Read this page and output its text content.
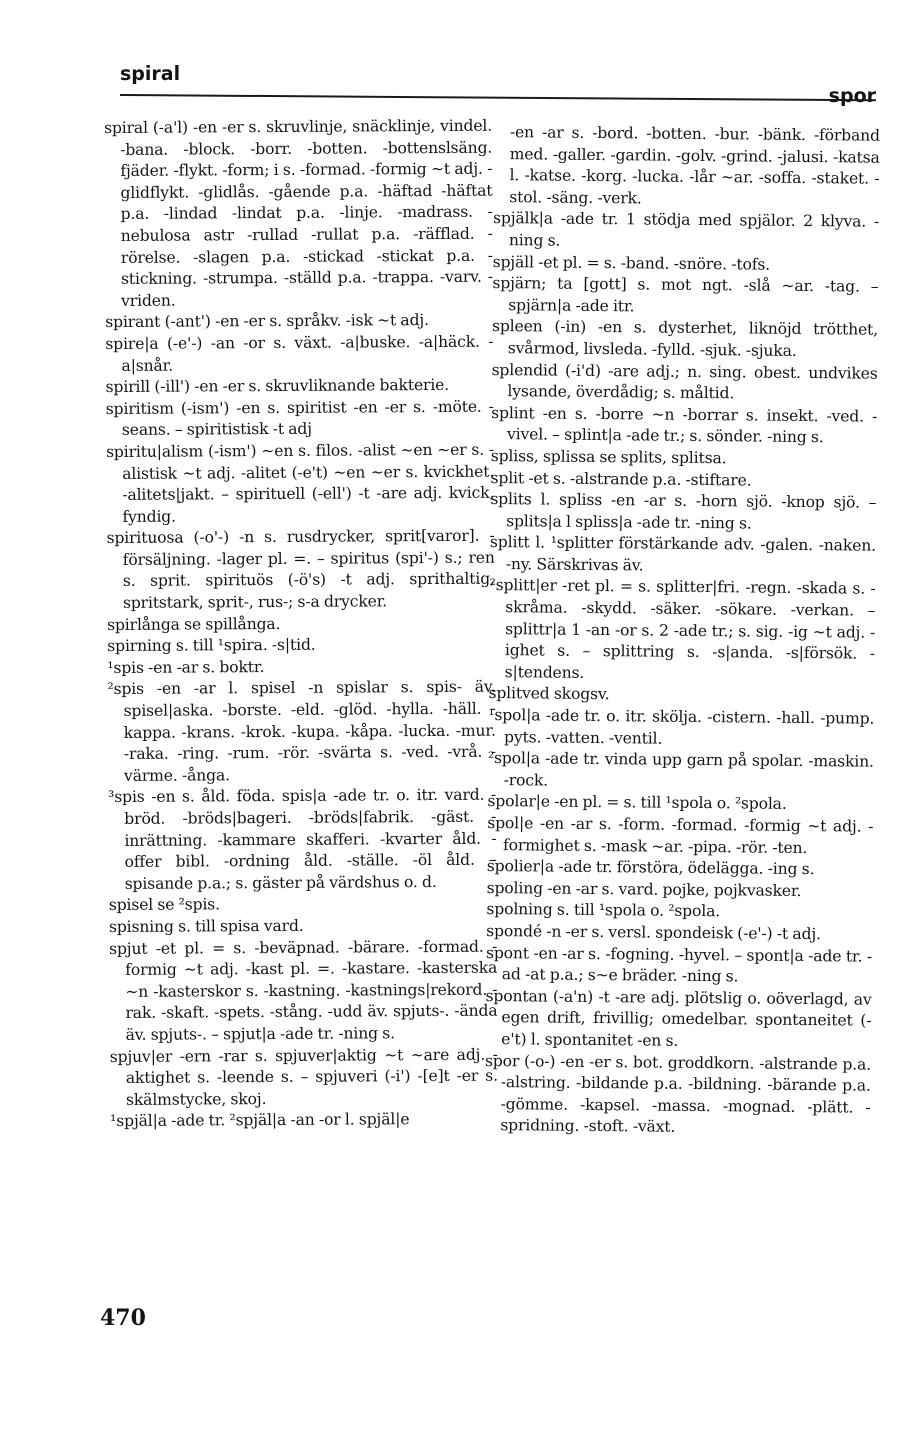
spiral
spor

spiral (-a'l) -en -er s. skruvlinje, snäcklinje, vindel. -bana. -block. -borr. -botten. -bottenslsäng. fjäder. -flykt. -form; i s. -formad. -formig ~t adj. -glidflykt. -glidlås. -gående p.a. -häftad -häftat p.a. -lindad -lindat p.a. -linje. -madrass. -nebulosa astr -rullad -rullat p.a. -räfflad. -rörelse. -slagen p.a. -stickad -stickat p.a. -stickning. -strumpa. -ställd p.a. -trappa. -varv. -vriden.

spirant (-ant') -en -er s. språkv. -isk ~t adj.

spire|a (-e'-) -an -or s. växt. -a|buske. -a|häck. -a|snår.

spirill (-ill') -en -er s. skruvliknande bakterie.

spiritism (-ism') -en s. spiritist -en -er s. -möte. -seans. – spiritistisk -t adj

spiritu|alism (-ism') ~en s. filos. -alist ~en ~er s. -alistisk ~t adj. -alitet (-e't) ~en ~er s. kvickhet. -alitets|jakt. – spirituell (-ell') -t -are adj. kvick, fyndig.

spirituosa (-o'-) -n s. rusdrycker, sprit[varor]. -försäljning. -lager pl. =. – spiritus (spi'-) s.; ren s. sprit. spirituös (-ö's) -t adj. sprithaltig, spritstark, sprit-, rus-; s-a drycker.

spirlånga se spillånga.

spirning s. till ¹spira. -s|tid.

¹spis -en -ar s. boktr.

²spis -en -ar l. spisel -n spislar s. spis- äv. spisel|aska. -borste. -eld. -glöd. -hylla. -häll. -kappa. -krans. -krok. -kupa. -kåpa. -lucka. -mur. -raka. -ring. -rum. -rör. -svärta s. -ved. -vrå. -värme. -ånga.

³spis -en s. åld. föda. spis|a -ade tr. o. itr. vard. -bröd. -bröds|bageri. -bröds|fabrik. -gäst. -inrättning. -kammare skafferi. -kvarter åld. -offer bibl. -ordning åld. -ställe. -öl åld. – spisande p.a.; s. gäster på värdshus o. d.

spisel se ²spis.

spisning s. till spisa vard.

spjut -et pl. = s. -beväpnad. -bärare. -formad. -formig ~t adj. -kast pl. =. -kastare. -kasterska ~n -kasterskor s. -kastning. -kastnings|rekord. -rak. -skaft. -spets. -stång. -udd äv. spjuts-. -ända äv. spjuts-. – spjut|a -ade tr. -ning s.

spjuv|er -ern -rar s. spjuver|aktig ~t ~are adj. -aktighet s. -leende s. – spjuveri (-i') -[e]t -er s. skälmstycke, skoj.

¹spjäl|a -ade tr. ²spjäl|a -an -or l. spjäl|e

-en -ar s. -bord. -botten. -bur. -bänk. -förband med. -galler. -gardin. -golv. -grind. -jalusi. -katsa l. -katse. -korg. -lucka. -lår ~ar. -soffa. -staket. -stol. -säng. -verk.

spjälk|a -ade tr. 1 stödja med spjälor. 2 klyva. -ning s.

spjäll -et pl. = s. -band. -snöre. -tofs.

spjärn; ta [gott] s. mot ngt. -slå ~ar. -tag. – spjärn|a -ade itr.

spleen (-in) -en s. dysterhet, liknöjd trötthet, svårmod, livsleda. -fylld. -sjuk. -sjuka.

splendid (-i'd) -are adj.; n. sing. obest. undvikes lysande, överdådig; s. måltid.

splint -en s. -borre ~n -borrar s. insekt. -ved. -vivel. – splint|a -ade tr.; s. sönder. -ning s.

spliss, splissa se splits, splitsa.

split -et s. -alstrande p.a. -stiftare.

splits l. spliss -en -ar s. -horn sjö. -knop sjö. – splits|a l spliss|a -ade tr. -ning s.

splitt l. ¹splitter förstärkande adv. -galen. -naken. -ny. Särskrivas äv.

²splitt|er -ret pl. = s. splitter|fri. -regn. -skada s. -skråma. -skydd. -säker. -sökare. -verkan. – splittr|a 1 -an -or s. 2 -ade tr.; s. sig. -ig ~t adj. -ighet s. – splittring s. -s|anda. -s|försök. -s|tendens.

splitved skogsv.

¹spol|a -ade tr. o. itr. skölja. -cistern. -hall. -pump. pyts. -vatten. -ventil.

²spol|a -ade tr. vinda upp garn på spolar. -maskin. -rock.

spolar|e -en pl. = s. till ¹spola o. ²spola.

spol|e -en -ar s. -form. -formad. -formig ~t adj. -formighet s. -mask ~ar. -pipa. -rör. -ten.

spolier|a -ade tr. förstöra, ödelägga. -ing s.

spoling -en -ar s. vard. pojke, pojkvasker.

spolning s. till ¹spola o. ²spola.

spondé -n -er s. versl. spondeisk (-e'-) -t adj.

spont -en -ar s. -fogning. -hyvel. – spont|a -ade tr. -ad -at p.a.; s~e bräder. -ning s.

spontan (-a'n) -t -are adj. plötslig o. oöverlagd, av egen drift, frivillig; omedelbar. spontaneitet (-e't) l. spontanitet -en s.

spor (-o-) -en -er s. bot. groddkorn. -alstrande p.a. -alstring. -bildande p.a. -bildning. -bärande p.a. -gömme. -kapsel. -massa. -mognad. -plätt. -spridning. -stoft. -växt.

470
